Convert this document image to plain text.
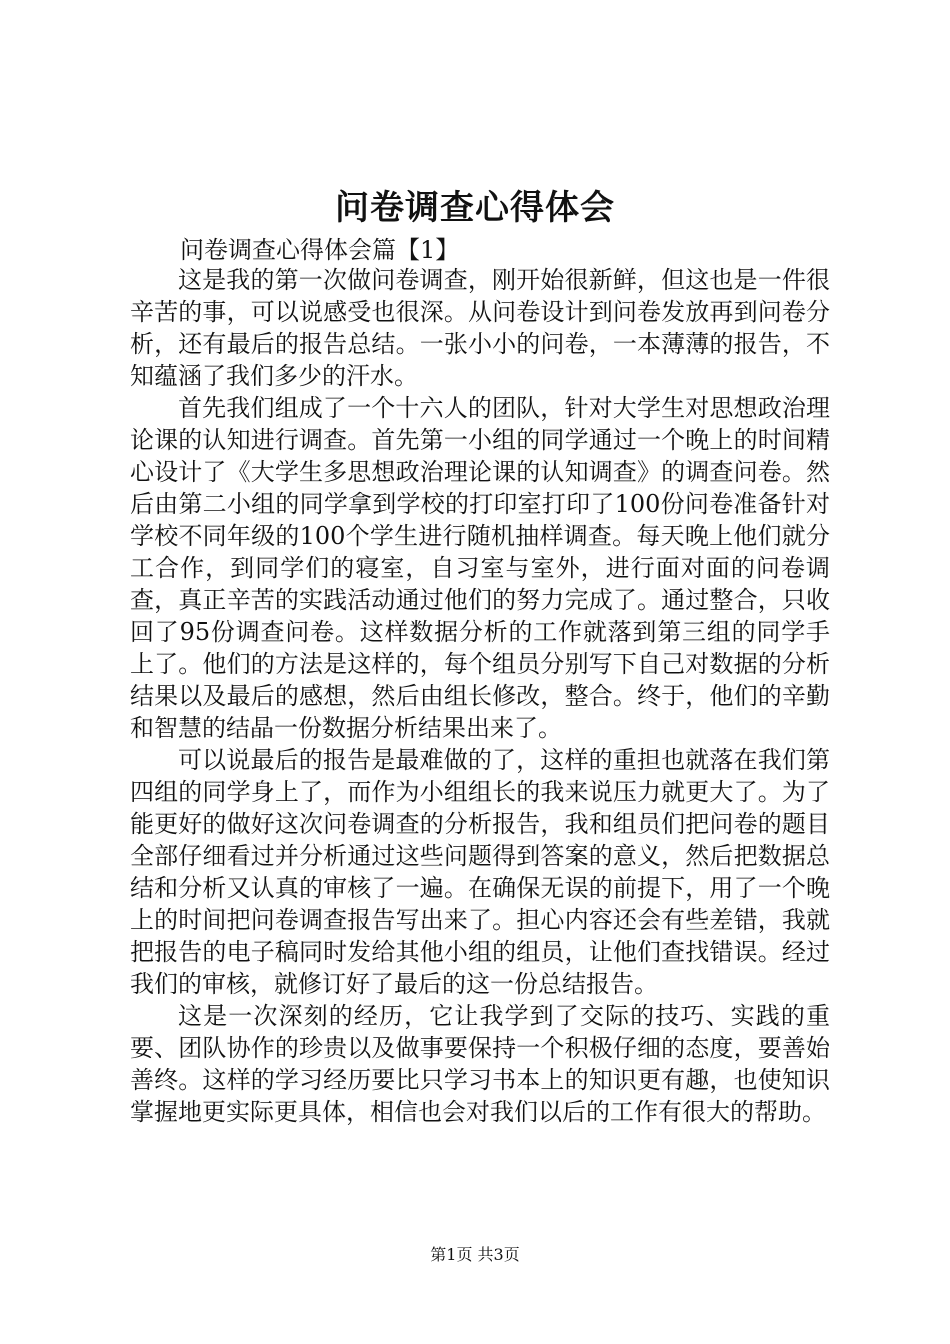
问卷调查心得体会
问卷调查心得体会篇【1】

这是我的第一次做问卷调查，刚开始很新鲜，但这也是一件很辛苦的事，可以说感受也很深。从问卷设计到问卷发放再到问卷分析，还有最后的报告总结。一张小小的问卷，一本薄薄的报告，不知蕴涵了我们多少的汗水。

首先我们组成了一个十六人的团队，针对大学生对思想政治理论课的认知进行调查。首先第一小组的同学通过一个晚上的时间精心设计了《大学生多思想政治理论课的认知调查》的调查问卷。然后由第二小组的同学拿到学校的打印室打印了100份问卷准备针对学校不同年级的100个学生进行随机抽样调查。每天晚上他们就分工合作，到同学们的寝室，自习室与室外，进行面对面的问卷调查，真正辛苦的实践活动通过他们的努力完成了。通过整合，只收回了95份调查问卷。这样数据分析的工作就落到第三组的同学手上了。他们的方法是这样的，每个组员分别写下自己对数据的分析结果以及最后的感想，然后由组长修改，整合。终于，他们的辛勤和智慧的结晶一份数据分析结果出来了。

可以说最后的报告是最难做的了，这样的重担也就落在我们第四组的同学身上了，而作为小组组长的我来说压力就更大了。为了能更好的做好这次问卷调查的分析报告，我和组员们把问卷的题目全部仔细看过并分析通过这些问题得到答案的意义，然后把数据总结和分析又认真的审核了一遍。在确保无误的前提下，用了一个晚上的时间把问卷调查报告写出来了。担心内容还会有些差错，我就把报告的电子稿同时发给其他小组的组员，让他们查找错误。经过我们的审核，就修订好了最后的这一份总结报告。

这是一次深刻的经历，它让我学到了交际的技巧、实践的重要、团队协作的珍贵以及做事要保持一个积极仔细的态度，要善始善终。这样的学习经历要比只学习书本上的知识更有趣，也使知识掌握地更实际更具体，相信也会对我们以后的工作有很大的帮助。

第1页 共3页
